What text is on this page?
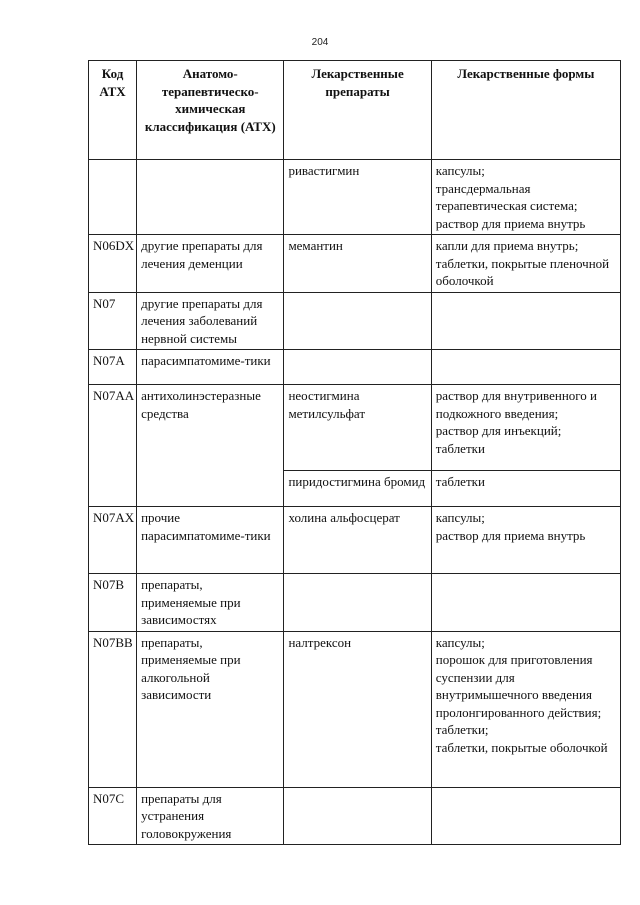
204
Код АТХ	Анатомо-терапевтическо-химическая классификация (АТХ)	Лекарственные препараты	Лекарственные формы
		ривастигмин	капсулы;
трансдермальная терапевтическая система;
раствор для приема внутрь

N06DX	другие препараты для лечения деменции	мемантин	капли для приема внутрь;
таблетки, покрытые пленочной оболочкой

N07	другие препараты для лечения заболеваний нервной системы		
N07A	парасимпатомиме-тики		
N07AA	антихолинэстеразные средства	неостигмина метилсульфат	раствор для внутривенного и подкожного введения;
раствор для инъекций;
таблетки

		пиридостигмина бромид	таблетки

N07AX	прочие парасимпатомиме-тики	холина альфосцерат	капсулы;
раствор для приема внутрь

N07B	препараты, применяемые при зависимостях		
N07BB	препараты, применяемые при алкогольной зависимости	налтрексон	капсулы;
порошок для приготовления суспензии для внутримышечного введения пролонгированного действия;
таблетки;
таблетки, покрытые оболочкой

N07C	препараты для устранения головокружения		
